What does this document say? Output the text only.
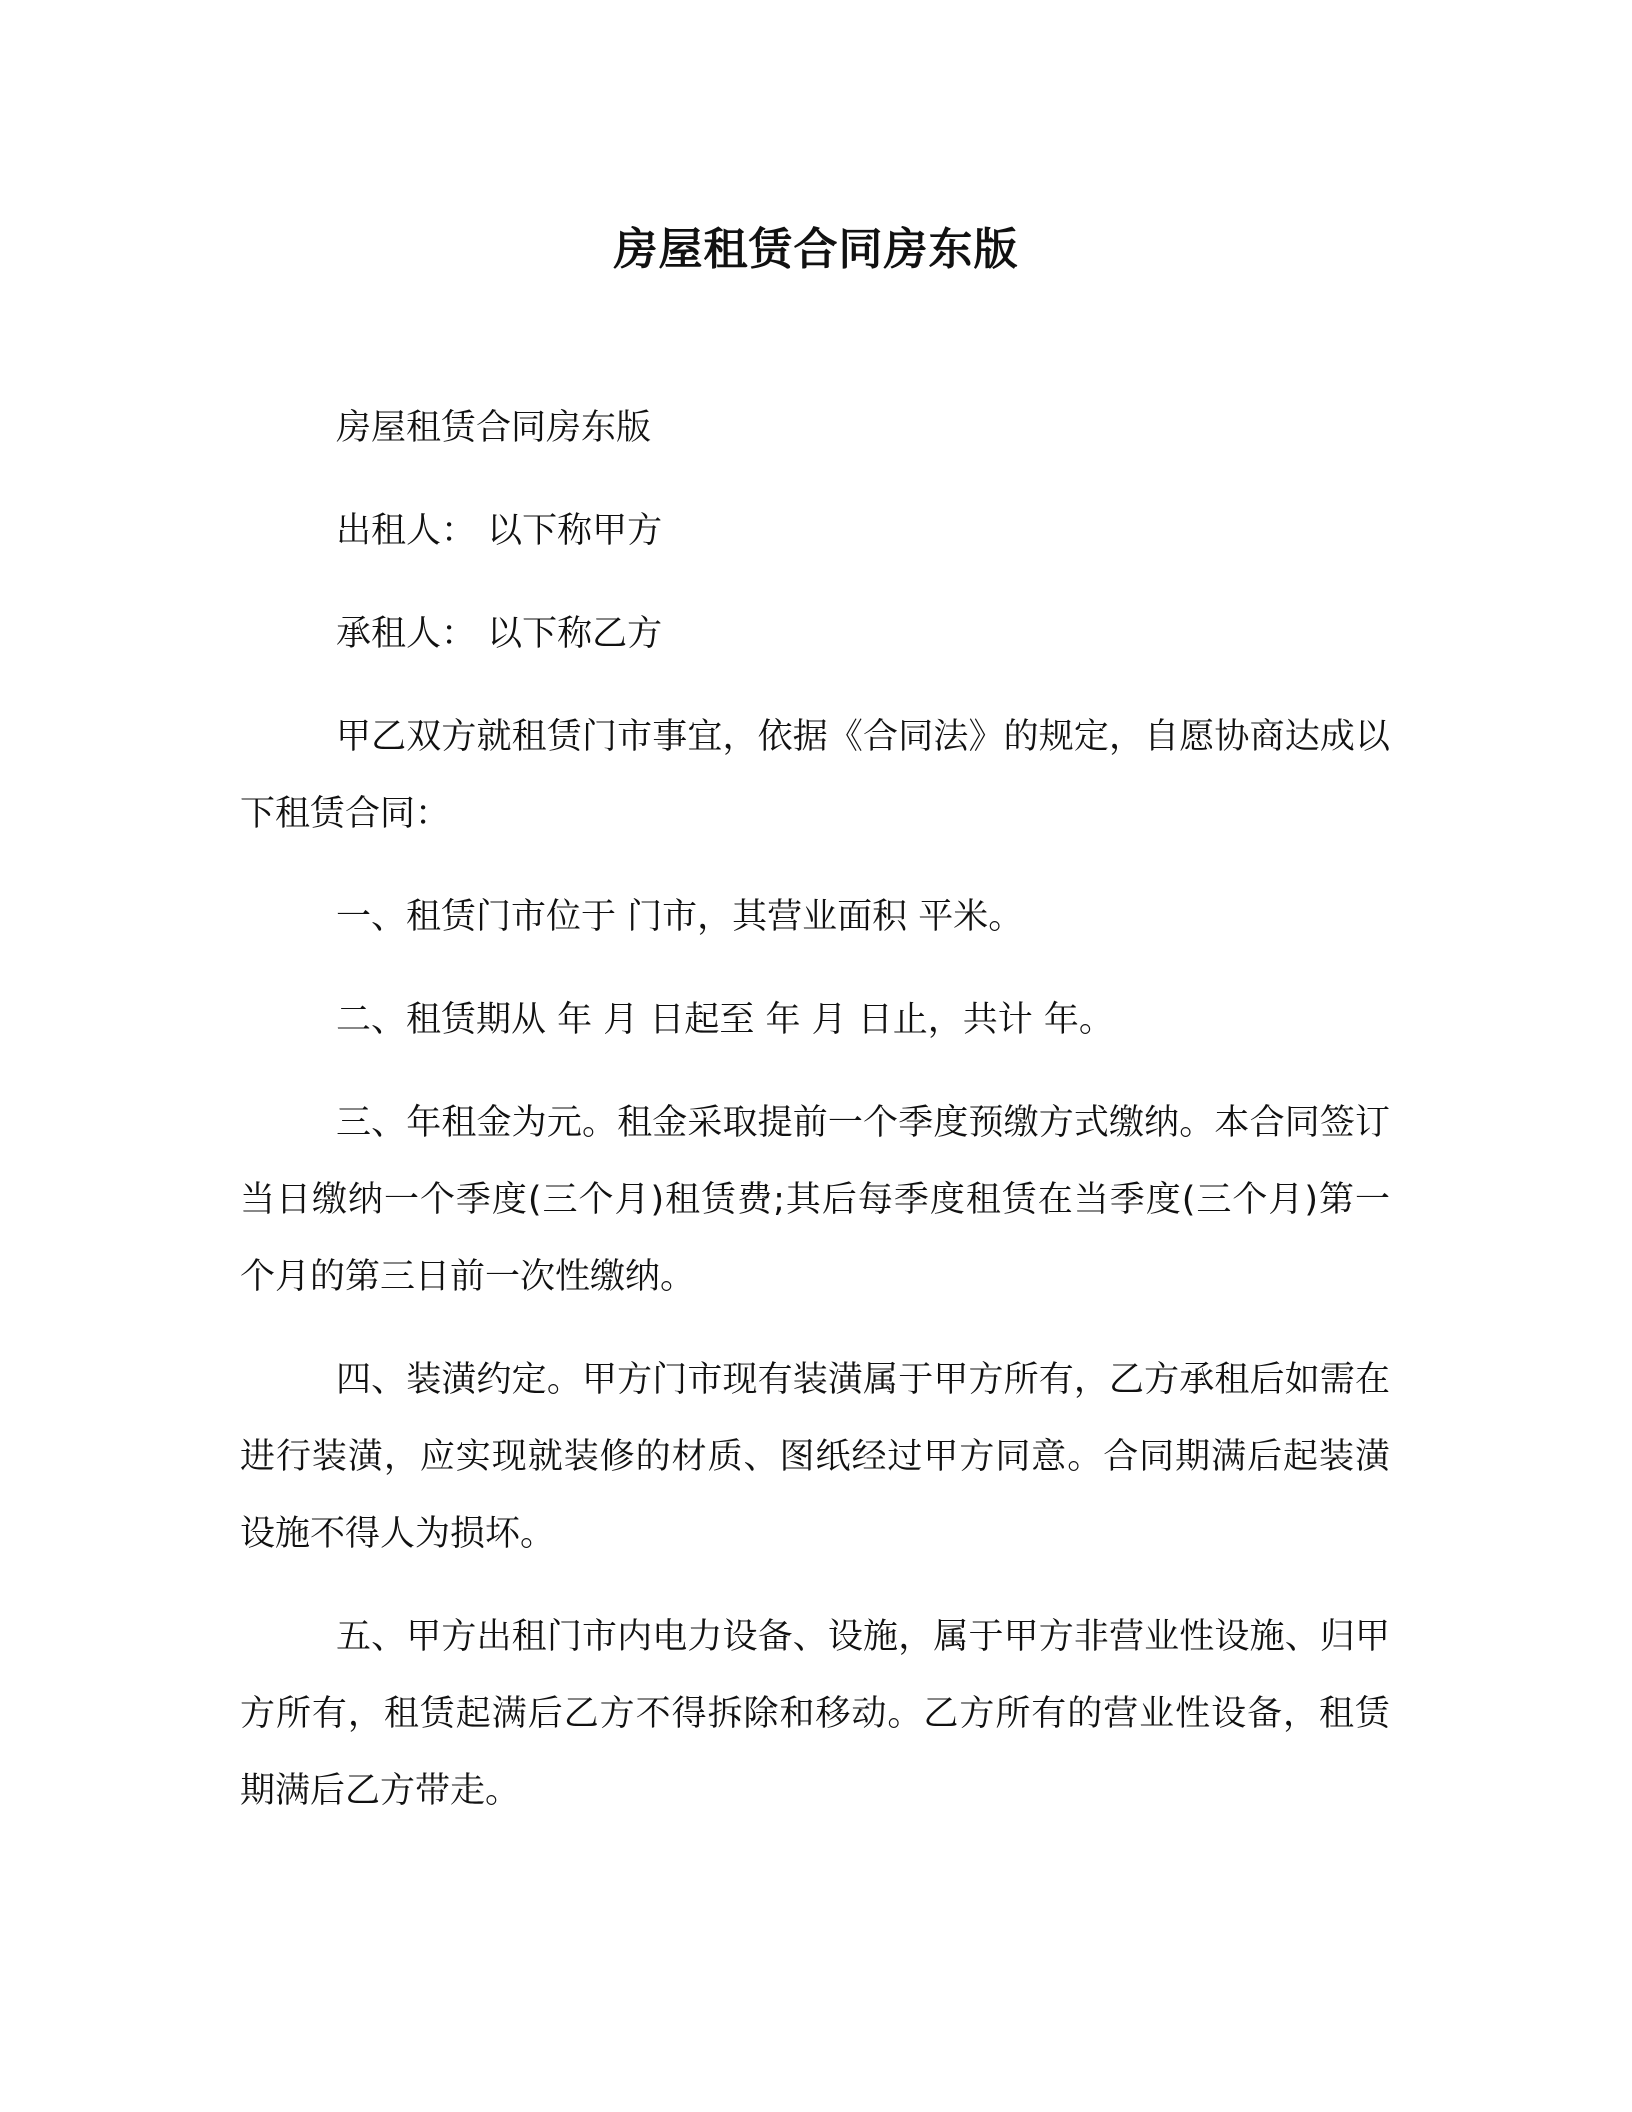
房屋租赁合同房东版

房屋租赁合同房东版

出租人： 以下称甲方

承租人： 以下称乙方

甲乙双方就租赁门市事宜，依据《合同法》的规定，自愿协商达成以下租赁合同：

一、租赁门市位于 门市，其营业面积 平米。

二、租赁期从 年 月 日起至 年 月 日止，共计 年。

三、年租金为元。租金采取提前一个季度预缴方式缴纳。本合同签订当日缴纳一个季度(三个月)租赁费;其后每季度租赁在当季度(三个月)第一个月的第三日前一次性缴纳。

四、装潢约定。甲方门市现有装潢属于甲方所有，乙方承租后如需在进行装潢，应实现就装修的材质、图纸经过甲方同意。合同期满后起装潢设施不得人为损坏。

五、甲方出租门市内电力设备、设施，属于甲方非营业性设施、归甲方所有，租赁起满后乙方不得拆除和移动。乙方所有的营业性设备，租赁期满后乙方带走。
